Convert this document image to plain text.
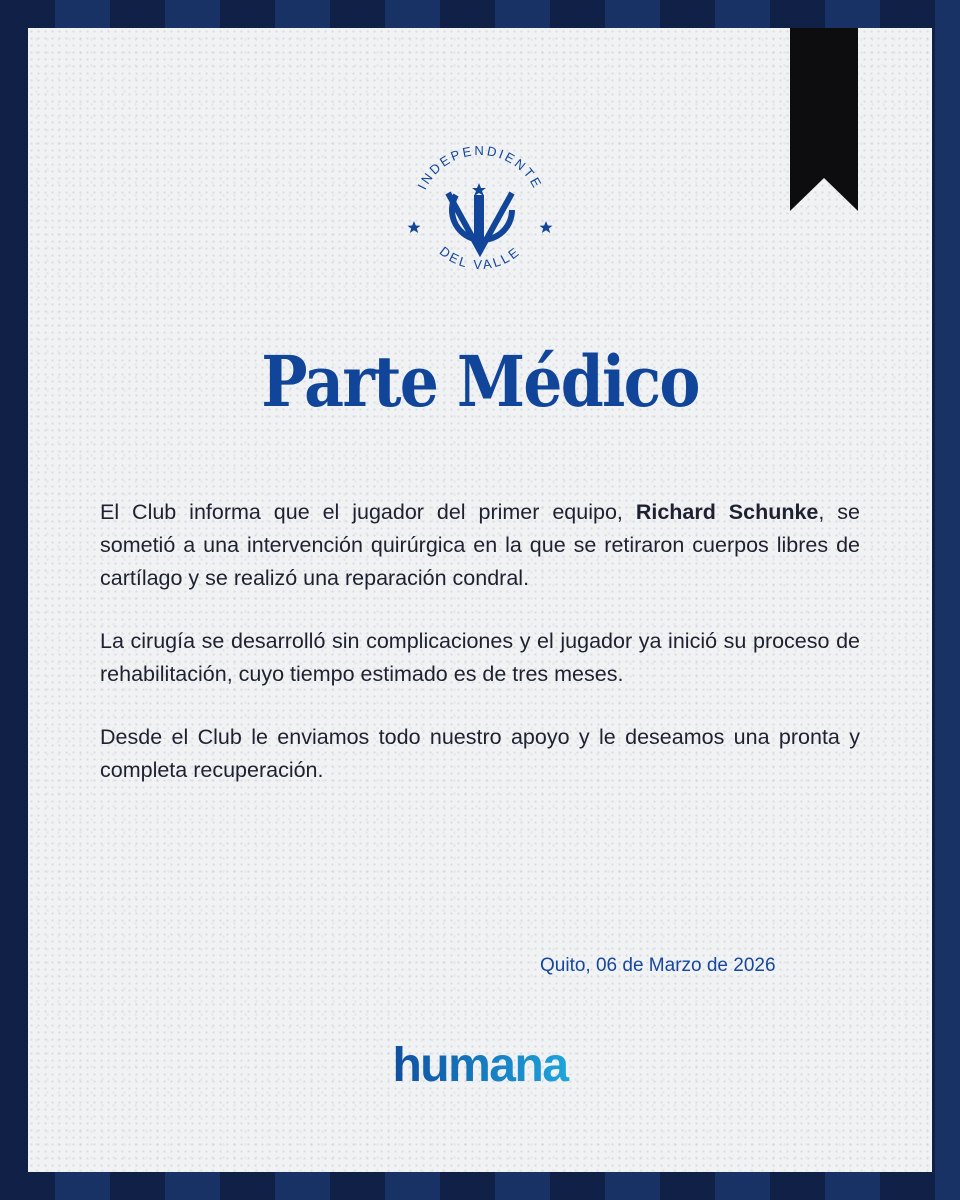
INDEPENDIENTE
DEL VALLE
Parte Médico

El Club informa que el jugador del primer equipo, Richard Schunke, se sometió a una intervención quirúrgica en la que se retiraron cuerpos libres de cartílago y se realizó una reparación condral.

La cirugía se desarrolló sin complicaciones y el jugador ya inició su proceso de rehabilitación, cuyo tiempo estimado es de tres meses.

Desde el Club le enviamos todo nuestro apoyo y le deseamos una pronta y completa recuperación.

Quito, 06 de Marzo de 2026
humana
